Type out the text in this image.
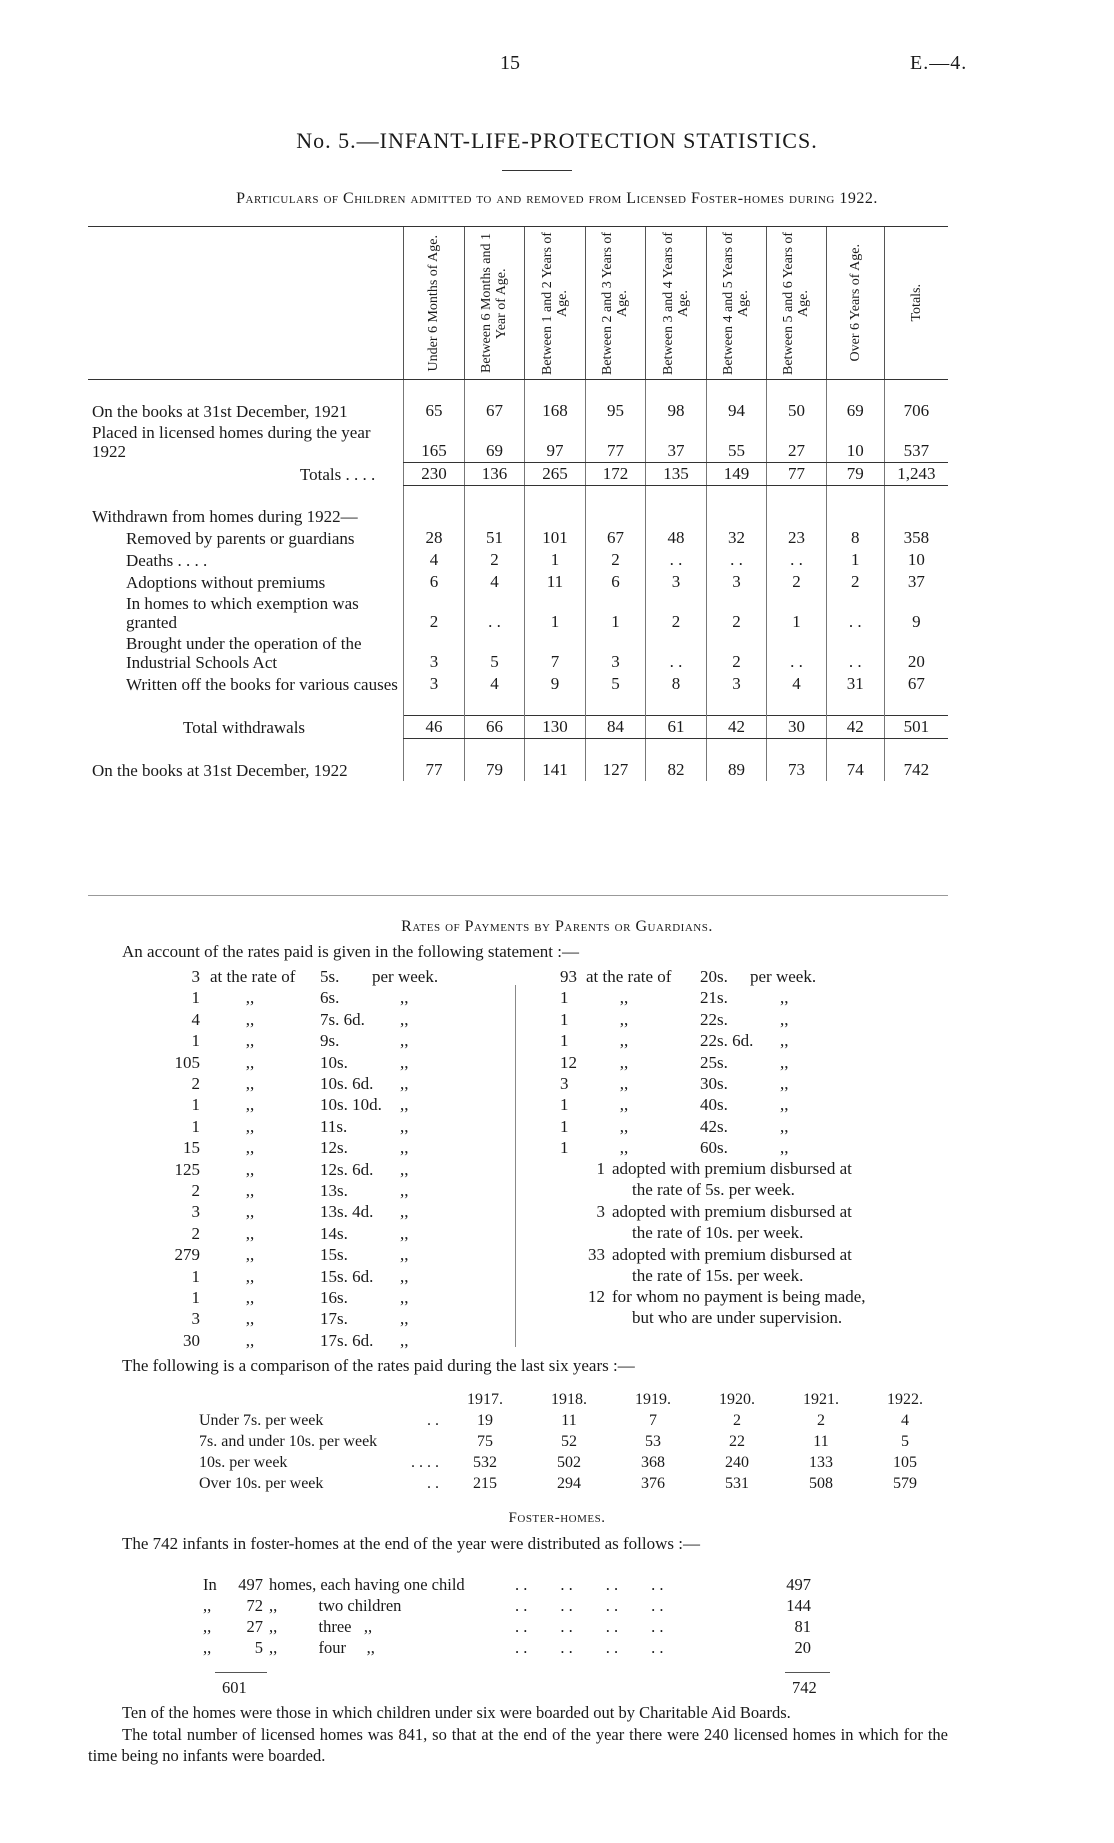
15	E.—4.
No. 5.—INFANT-LIFE-PROTECTION STATISTICS.
Particulars of Children admitted to and removed from Licensed Foster-homes during 1922.

	Under 6 Months of Age.	Between 6 Months and 1 Year of Age.	Between 1 and 2 Years of Age.	Between 2 and 3 Years of Age.	Between 3 and 4 Years of Age.	Between 4 and 5 Years of Age.	Between 5 and 6 Years of Age.	Over 6 Years of Age.	Totals.

On the books at 31st December, 1921	65	67	168	95	98	94	50	69	706
Placed in licensed homes during the year 1922	165	69	97	77	37	55	27	10	537
Totals . . . .	230	136	265	172	135	149	77	79	1,243

Withdrawn from homes during 1922—									
Removed by parents or guardians	28	51	101	67	48	32	23	8	358
Deaths . . . .	4	2	1	2	. .	. .	. .	1	10
Adoptions without premiums	6	4	11	6	3	3	2	2	37
In homes to which exemption was granted	2	. .	1	1	2	2	1	. .	9
Brought under the operation of the Industrial Schools Act	3	5	7	3	. .	2	. .	. .	20
Written off the books for various causes	3	4	9	5	8	3	4	31	67

Total withdrawals	46	66	130	84	61	42	30	42	501

On the books at 31st December, 1922	77	79	141	127	82	89	73	74	742
Rates of Payments by Parents or Guardians.
An account of the rates paid is given in the following statement :—
3 at the rate of 5s. per week.
1	,,	6s.	,,
4	,,	7s. 6d. ,,
1	,,	9s.	,,
105	,,	10s.	,,
2	,,	10s. 6d. ,,
1	,,	10s. 10d. ,,
1	,,	11s.	,,
15	,,	12s.	,,
125	,,	12s. 6d. ,,
2	,,	13s.	,,
3	,,	13s. 4d. ,,
2	,,	14s.	,,
279	,,	15s.	,,
1	,,	15s. 6d. ,,
1	,,	16s.	,,
3	,,	17s.	,,
30	,,	17s. 6d. ,,
93 at the rate of 20s. per week.
1	,,	21s.	,,
1	,,	22s.	,,
1	,,	22s. 6d. ,,
12	,,	25s.	,,
3	,,	30s.	,,
1	,,	40s.	,,
1	,,	42s.	,,
1	,,	60s.	,,
1 adopted with premium disbursed at
the rate of 5s. per week.
3 adopted with premium disbursed at
the rate of 10s. per week.
33 adopted with premium disbursed at
the rate of 15s. per week.
12 for whom no payment is being made,
but who are under supervision.
The following is a comparison of the rates paid during the last six years :—
	1917.	1918.	1919.	1920.	1921.	1922.
Under 7s. per week . .	19	11	7	2	2	4
7s. and under 10s. per week	75	52	53	22	11	5
10s. per week . . . .	532	502	368	240	133	105
Over 10s. per week . .	215	294	376	531	508	579
Foster-homes.
The 742 infants in foster-homes at the end of the year were distributed as follows :—
In	497	homes, each having one child	. .        . .        . .        . .	497
,,	72	,,          two children	. .        . .        . .        . .	144
,,	27	,,          three   ,,	. .        . .        . .        . .	81
,,	5	,,          four     ,,	. .        . .        . .        . .	20
601	742
Ten of the homes were those in which children under six were boarded out by Charitable Aid Boards.
The total number of licensed homes was 841, so that at the end of the year there were 240 licensed homes in which for the time being no infants were boarded.
